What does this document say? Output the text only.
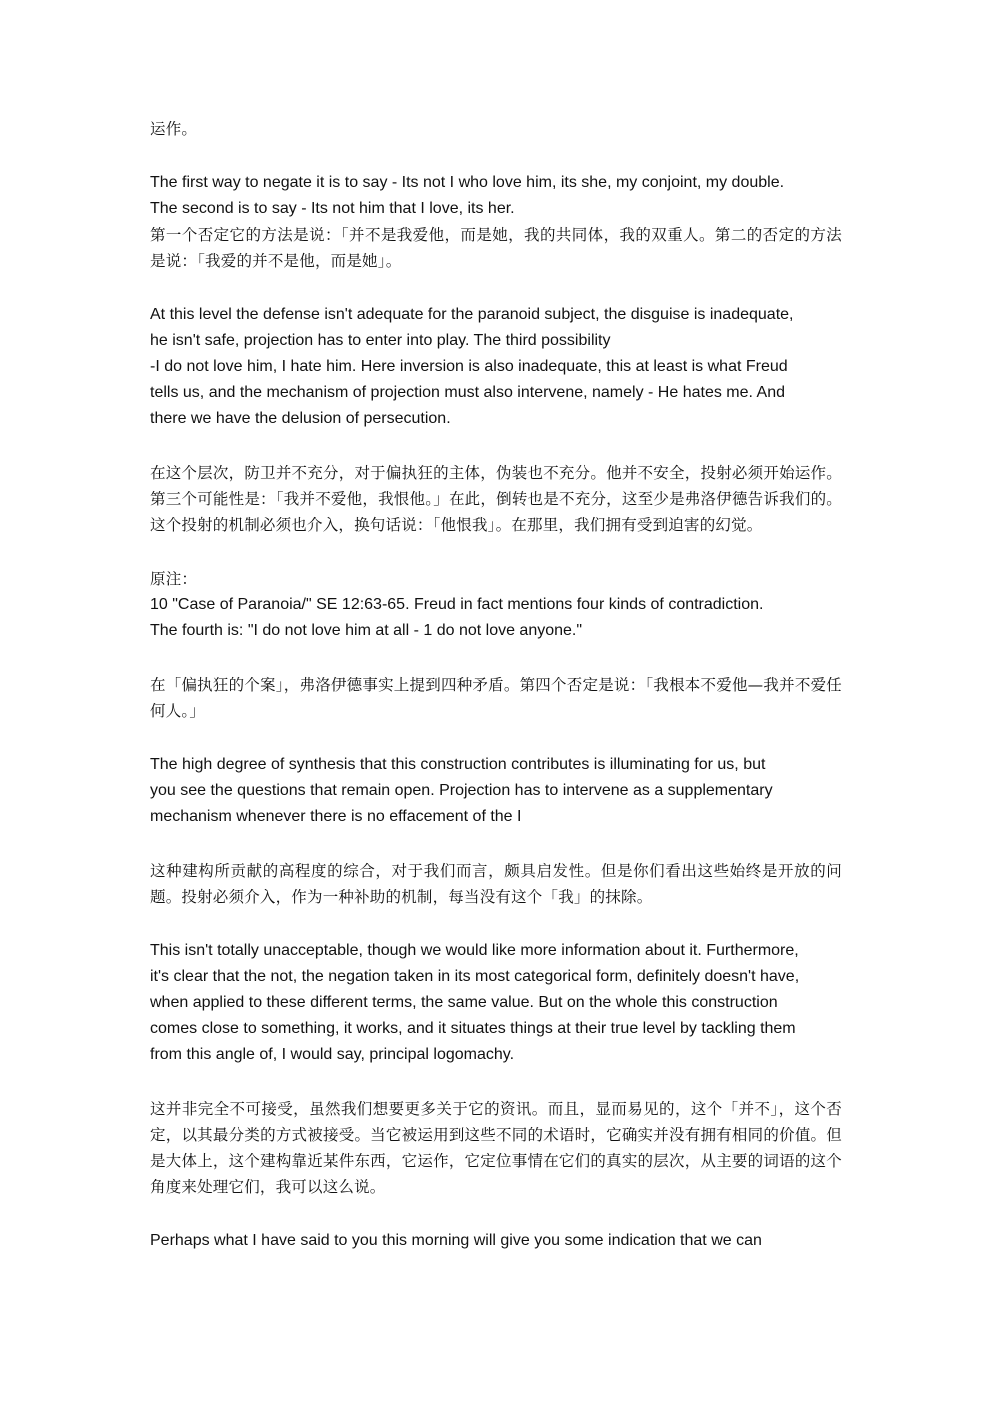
运作。

The first way to negate it is to say - Its not I who love him, its she, my conjoint, my double.
The second is to say - Its not him that I love, its her.

第一个否定它的方法是说：「并不是我爱他，而是她，我的共同体，我的双重人。第二的否定的方法是说：「我爱的并不是他，而是她」。

At this level the defense isn't adequate for the paranoid subject, the disguise is inadequate,
he isn't safe, projection has to enter into play. The third possibility
-I do not love him, I hate him. Here inversion is also inadequate, this at least is what Freud
tells us, and the mechanism of projection must also intervene, namely - He hates me. And
there we have the delusion of persecution.

在这个层次，防卫并不充分，对于偏执狂的主体，伪装也不充分。他并不安全，投射必须开始运作。第三个可能性是：「我并不爱他，我恨他。」在此，倒转也是不充分，这至少是弗洛伊德告诉我们的。这个投射的机制必须也介入，换句话说：「他恨我」。在那里，我们拥有受到迫害的幻觉。

原注：

10 "Case of Paranoia/" SE 12:63-65. Freud in fact mentions four kinds of contradiction.
The fourth is: "I do not love him at all - 1 do not love anyone."

在「偏执狂的个案」，弗洛伊德事实上提到四种矛盾。第四个否定是说：「我根本不爱他—我并不爱任何人。」

The high degree of synthesis that this construction contributes is illuminating for us, but
you see the questions that remain open. Projection has to intervene as a supplementary
mechanism whenever there is no effacement of the I

这种建构所贡献的高程度的综合，对于我们而言，颇具启发性。但是你们看出这些始终是开放的问题。投射必须介入，作为一种补助的机制，每当没有这个「我」的抹除。

This isn't totally unacceptable, though we would like more information about it. Furthermore,
it's clear that the not, the negation taken in its most categorical form, definitely doesn't have,
when applied to these different terms, the same value. But on the whole this construction
comes close to something, it works, and it situates things at their true level by tackling them
from this angle of, I would say, principal logomachy.

这并非完全不可接受，虽然我们想要更多关于它的资讯。而且，显而易见的，这个「并不」，这个否定，以其最分类的方式被接受。当它被运用到这些不同的术语时，它确实并没有拥有相同的价值。但是大体上，这个建构靠近某件东西，它运作，它定位事情在它们的真实的层次，从主要的词语的这个角度来处理它们，我可以这么说。

Perhaps what I have said to you this morning will give you some indication that we can
